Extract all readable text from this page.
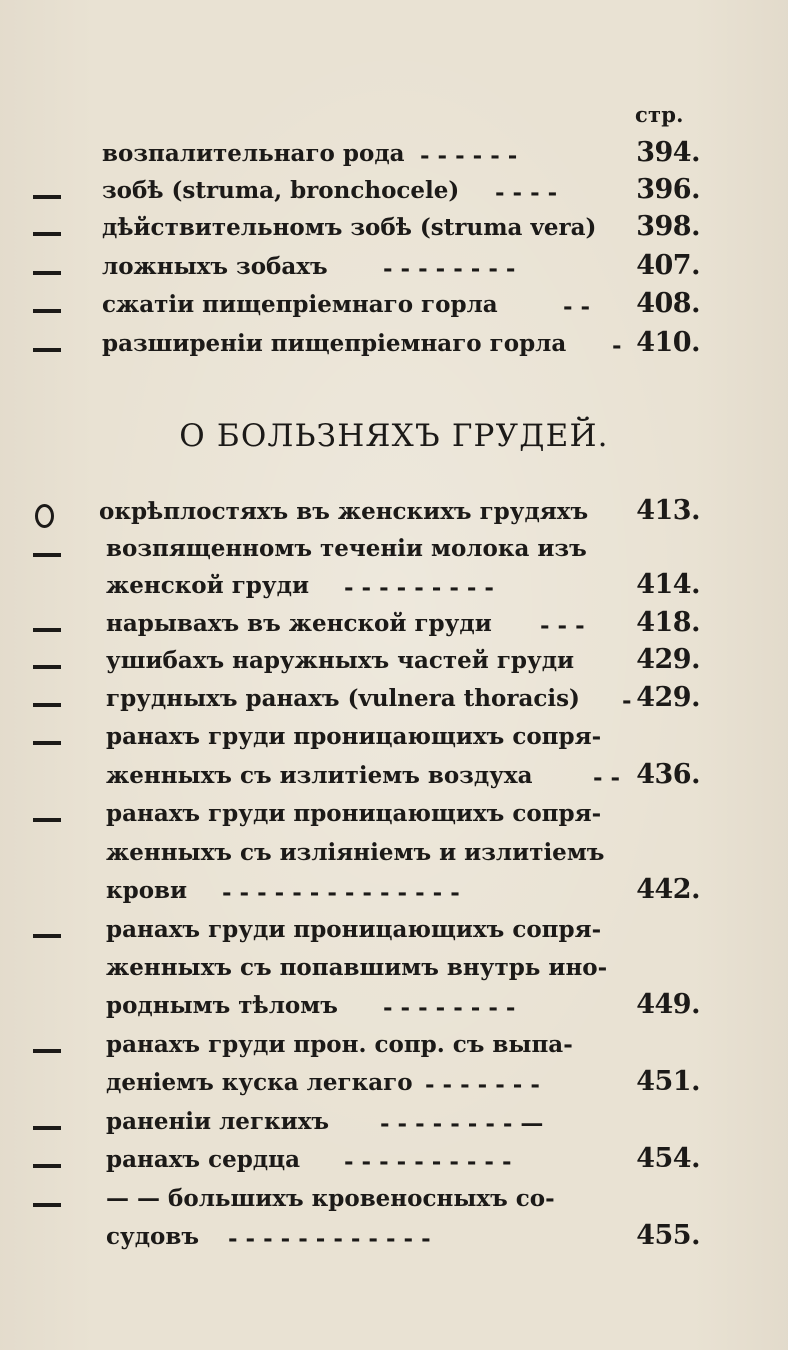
стр.
возпалительнаго рода - - - - - -	394.
зобѣ (struma, bronchocele) - - - -	396.
дѣйствительномъ зобѣ (struma vera) 398.
ложныхъ зобахъ - - - - - - - -	407.
сжатіи пищепріемнаго горла	- - 408.
разширеніи пищепріемнаго горла - 410.
О БОЛЬЗНЯХЪ ГРУДЕЙ.
окрѣплостяхъ въ женскихъ грудяхъ 413.
возпященномъ теченіи молока изъ
женской груди - - - - - - - - -	414.
нарывахъ въ женской груди - - - 418.
ушибахъ наружныхъ частей груди 429.
грудныхъ ранахъ (vulnera thoracis) - 429.
ранахъ груди проницающихъ сопря-
женныхъ съ излитіемъ воздуха	- - 436.
ранахъ груди проницающихъ сопря-
женныхъ съ изліяніемъ и излитіемъ
крови - - - - - - - - - - - - - -	442.
ранахъ груди проницающихъ сопря-
женныхъ съ попавшимъ внутрь ино-
роднымъ тѣломъ - - - - - - - -	449.
ранахъ груди прон. сопр. съ выпа-
деніемъ куска легкаго - - - - - - -	451.
раненіи легкихъ - - - - - - - - —
ранахъ сердца - - - - - - - - - -	454.
— — большихъ кровеносныхъ со-
судовъ - - - - - - - - - - - -	455.
